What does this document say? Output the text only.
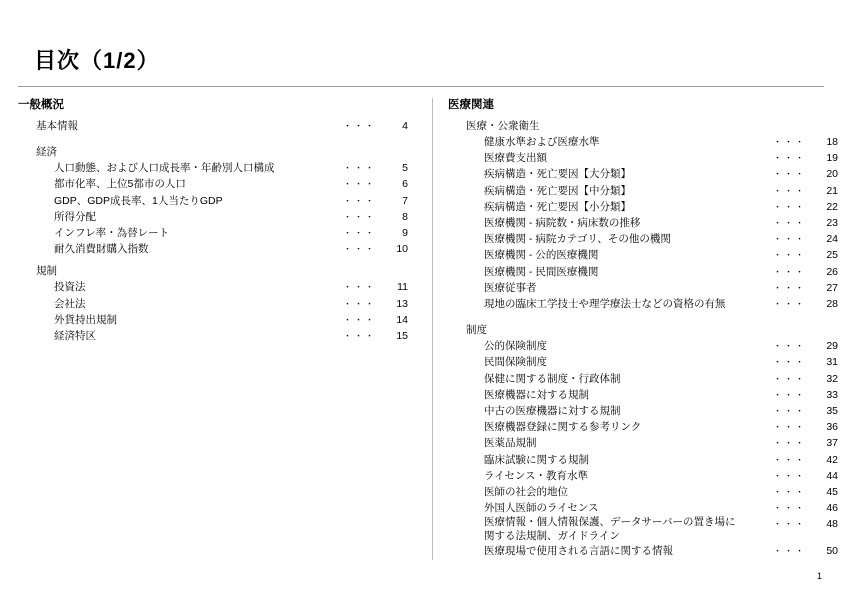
目次（1/2）
一般概況
基本情報	・・・	4
経済
人口動態、および人口成長率・年齢別人口構成	・・・	5
都市化率、上位5都市の人口	・・・	6
GDP、GDP成長率、1人当たりGDP	・・・	7
所得分配	・・・	8
インフレ率・為替レート	・・・	9
耐久消費財購入指数	・・・	10
規制
投資法	・・・	11
会社法	・・・	13
外貨持出規制	・・・	14
経済特区	・・・	15
医療関連
医療・公衆衛生
健康水準および医療水準	・・・	18
医療費支出額	・・・	19
疾病構造・死亡要因【大分類】	・・・	20
疾病構造・死亡要因【中分類】	・・・	21
疾病構造・死亡要因【小分類】	・・・	22
医療機関 - 病院数・病床数の推移	・・・	23
医療機関 - 病院カテゴリ、その他の機関	・・・	24
医療機関 - 公的医療機関	・・・	25
医療機関 - 民間医療機関	・・・	26
医療従事者	・・・	27
現地の臨床工学技士や理学療法士などの資格の有無	・・・	28
制度
公的保険制度	・・・	29
民間保険制度	・・・	31
保健に関する制度・行政体制	・・・	32
医療機器に対する規制	・・・	33
中古の医療機器に対する規制	・・・	35
医療機器登録に関する参考リンク	・・・	36
医薬品規制	・・・	37
臨床試験に関する規制	・・・	42
ライセンス・教育水準	・・・	44
医師の社会的地位	・・・	45
外国人医師のライセンス	・・・	46
医療情報・個人情報保護、データサーバーの置き場に関する法規制、ガイドライン
・・・	48
医療現場で使用される言語に関する情報	・・・	50
1
